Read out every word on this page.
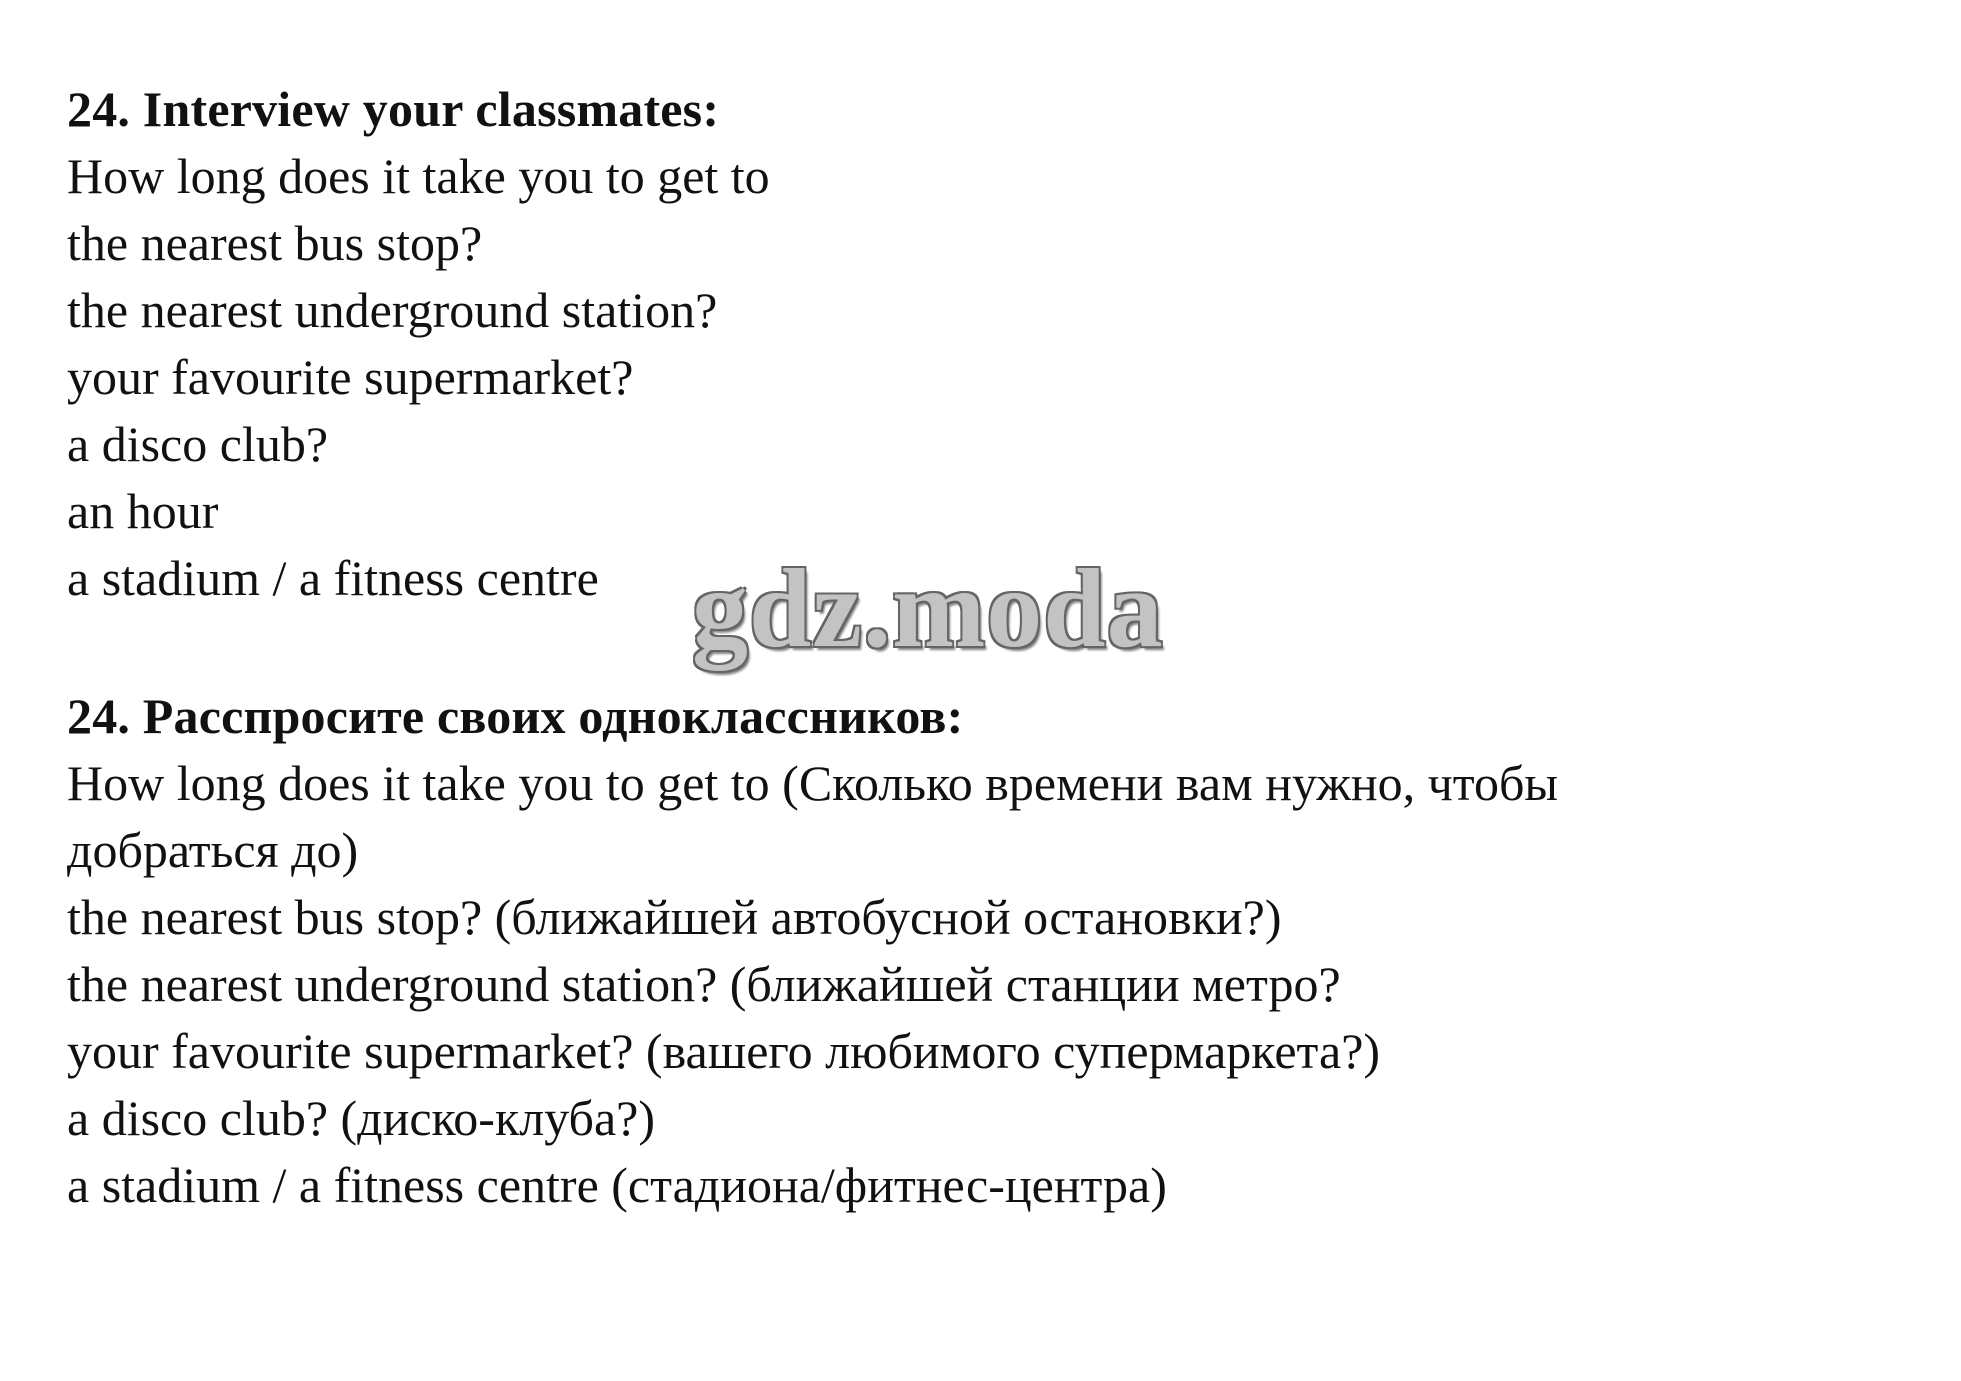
24. Interview your classmates:
How long does it take you to get to
the nearest bus stop?
the nearest underground station?
your favourite supermarket?
a disco club?
an hour
a stadium / a fitness centre gdz.moda
24. Расспросите своих одноклассников:
How long does it take you to get to (Сколько времени вам нужно, чтобы
добраться до)
the nearest bus stop? (ближайшей автобусной остановки?)
the nearest underground station? (ближайшей станции метро?
your favourite supermarket? (вашего любимого супермаркета?)
a disco club? (диско-клуба?)
a stadium / a fitness centre (стадиона/фитнес-центра)
